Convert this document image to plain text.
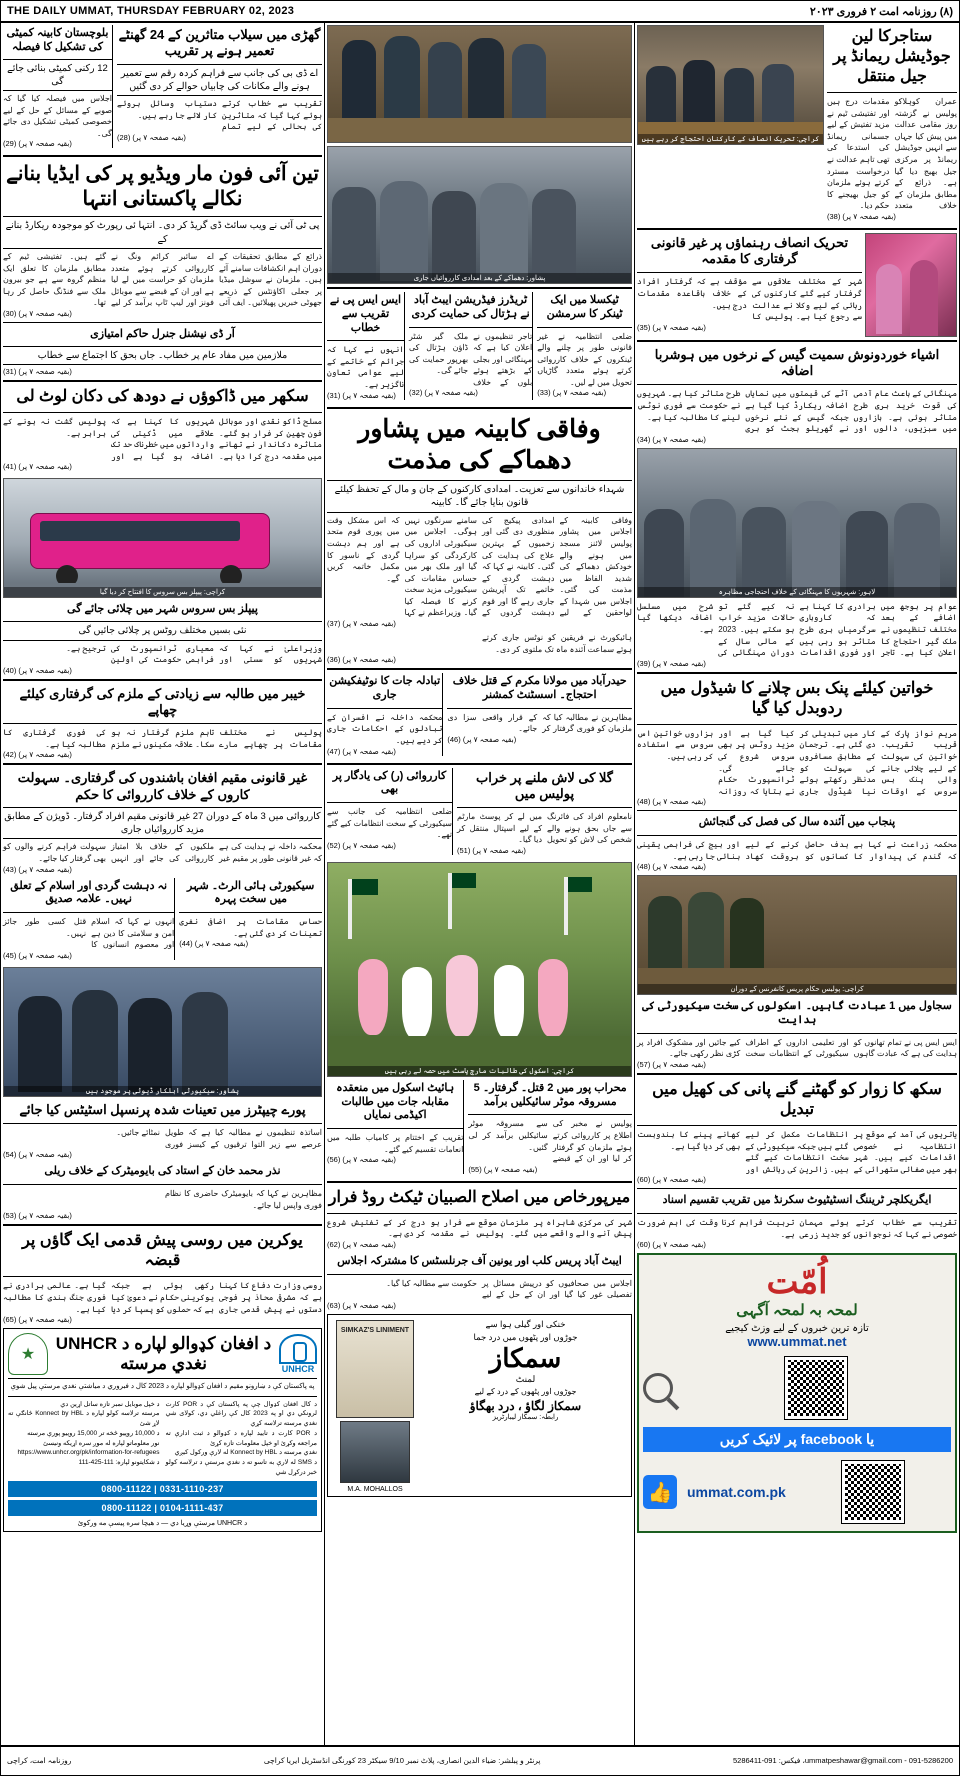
THE DAILY UMMAT, THURSDAY FEBRUARY 02, 2023	(۸) روزنامہ امت ۲ فروری ۲۰۲۳
ستاجرکا لین جوڈیشل ریمانڈ پر جیل منتقل
عمران کوہلاکو پولیس نے گزشتہ روز مقامی عدالت میں پیش کیا جہاں سے انہیں جوڈیشل ریمانڈ پر مرکزی جیل بھیج دیا گیا ہے۔ ذرائع کے مطابق ملزمان کے خلاف متعدد مقدمات درج ہیں اور تفتیشی ٹیم نے مزید تفتیش کے لیے جسمانی ریمانڈ کی استدعا کی تھی تاہم عدالت نے درخواست مسترد کرتے ہوئے ملزمان کو جیل بھیجنے کا حکم دیا۔
(بقیہ صفحہ ۷ پر) (38)
کراچی: تحریک انصاف کے کارکنان احتجاج کر رہے ہیں
تحریک انصاف رہنماؤں پر غیر قانونی گرفتاری کا مقدمہ
شہر کے مختلف علاقوں سے گرفتار کیے گئے کارکنوں کی رہائی کے لیے وکلا نے عدالت سے رجوع کیا ہے۔ پولیس کا مؤقف ہے کہ گرفتار افراد کے خلاف باقاعدہ مقدمات درج ہیں۔
(بقیہ صفحہ ۷ پر) (35)
اشیاء خوردونوش سمیت گیس کے نرخوں میں ہوشربا اضافہ
مہنگائی کے باعث عام آدمی کی قوت خرید بری طرح متاثر ہوئی ہے۔ بازاروں میں سبزیوں، دالوں اور آٹے کی قیمتوں میں نمایاں اضافہ ریکارڈ کیا گیا ہے جبکہ گیس کے نئے نرخوں نے گھریلو بجٹ کو بری طرح متاثر کیا ہے۔ شہریوں نے حکومت سے فوری نوٹس لینے کا مطالبہ کیا ہے۔
(بقیہ صفحہ ۷ پر) (34)
لاہور: شہریوں کا مہنگائی کے خلاف احتجاجی مظاہرہ
عوام پر بوجھ میں اضافے کے بعد مختلف تنظیموں نے ملک گیر احتجاج کا اعلان کیا ہے۔ تاجر برادری کا کہنا ہے کہ کاروباری سرگرمیاں بری طرح متاثر ہو رہی ہیں اور فوری اقدامات نہ کیے گئے تو حالات مزید خراب ہو سکتے ہیں۔ 2023 کے مالی سال کے دوران مہنگائی کی شرح میں مسلسل اضافہ دیکھا گیا ہے۔
(بقیہ صفحہ ۷ پر) (39)
خواتین کیلئے پنک بس چلانے کا شیڈول میں ردوبدل کیا گیا
مریم نواز پارک کے قریب تقریب۔ خواتین کی سہولت کے لیے چلائی جانے والی پنک بس سروس کے اوقات کار میں تبدیلی کر دی گئی ہے۔ ترجمان کے مطابق مسافروں کی سہولت کو مدنظر رکھتے ہوئے نیا شیڈول جاری کیا گیا ہے اور مزید روٹس پر بھی سروس شروع کی جائے گی۔ ٹرانسپورٹ حکام نے بتایا کہ روزانہ ہزاروں خواتین اس سروس سے استفادہ کر رہی ہیں۔
(بقیہ صفحہ ۷ پر) (48)
پنجاب میں آئندہ سال کی فصل کی گنجائش
محکمہ زراعت نے کہا ہے کہ گندم کی پیداوار کا ہدف حاصل کرنے کے لیے کسانوں کو بروقت کھاد اور بیج کی فراہمی یقینی بنائی جا رہی ہے۔
(بقیہ صفحہ ۷ پر) (48)
کراچی: پولیس حکام پریس کانفرنس کے دوران
سجاول میں 1 عبادت گاہیں۔ اسکولوں کی سخت سیکیورٹی کی ہدایت
ایس ایس پی نے تمام تھانوں کو ہدایت کی ہے کہ عبادت گاہوں اور تعلیمی اداروں کے اطراف سیکیورٹی کے انتظامات سخت کیے جائیں اور مشکوک افراد پر کڑی نظر رکھی جائے۔
(بقیہ صفحہ ۷ پر) (57)
سکھ کا زوار کو گھٹنے گنے پانی کی کھیل میں تبدیل
یاتریوں کی آمد کے موقع پر انتظامیہ نے خصوصی اقدامات کیے ہیں۔ شہر بھر میں صفائی ستھرائی کے انتظامات مکمل کر لیے گئے ہیں جبکہ سیکیورٹی کے سخت انتظامات کیے گئے ہیں۔ زائرین کی رہائش اور کھانے پینے کا بندوبست بھی کر دیا گیا ہے۔
(بقیہ صفحہ ۷ پر) (60)
ایگریکلچر ٹریننگ انسٹیٹیوٹ سکرنڈ میں تقریب تقسیم اسناد
تقریب سے خطاب کرتے ہوئے مہمان خصوصی نے کہا کہ نوجوانوں کو جدید زرعی تربیت فراہم کرنا وقت کی اہم ضرورت ہے۔
(بقیہ صفحہ ۷ پر) (60)
اُمّت
لمحہ بہ لمحہ آگہی
تازہ ترین خبروں کے لیے وزٹ کیجیے
www.ummat.net
یا facebook پر لائیک کریں
ummat.com.pk
👍
پشاور: دھماکے کے بعد امدادی کارروائیاں جاری
ٹیکسلا میں ایک ٹینکر کا سرمشن
ضلعی انتظامیہ نے غیر قانونی طور پر چلنے والے ٹینکروں کے خلاف کارروائی کرتے ہوئے متعدد گاڑیاں تحویل میں لے لیں۔
(بقیہ صفحہ ۷ پر) (33)
ٹریڈرز فیڈریشن ایبٹ آباد نے ہڑتال کی حمایت کردی
تاجر تنظیموں نے اعلان کیا ہے کہ مہنگائی اور بجلی کے بڑھتے ہوئے بلوں کے خلاف ملک گیر شٹر ڈاؤن ہڑتال کی بھرپور حمایت کی جائے گی۔
(بقیہ صفحہ ۷ پر) (32)
ایس ایس پی نے تقریب سے خطاب
انہوں نے کہا کہ جرائم کے خاتمے کے لیے عوامی تعاون ناگزیر ہے۔
(بقیہ صفحہ ۷ پر) (31)
وفاقی کابینہ میں پشاور دھماکے کی مذمت
شہداء خاندانوں سے تعزیت۔ امدادی کارکنوں کے جان و مال کے تحفظ کیلئے قانون بنایا جائے گا۔ کابینہ
وفاقی کابینہ کے اجلاس میں پشاور پولیس لائنز مسجد میں ہونے والے خودکش دھماکے کی شدید الفاظ میں مذمت کی گئی۔ اجلاس میں شہدا کے لواحقین کے لیے امدادی پیکیج کی منظوری دی گئی اور زخمیوں کے بہترین علاج کی ہدایت کی گئی۔ کابینہ نے کہا کہ دہشت گردی کے خاتمے تک آپریشن جاری رہے گا اور قوم دہشت گردوں کے سامنے سرنگوں نہیں ہوگی۔ اجلاس میں سیکیورٹی اداروں کی کارکردگی کو سراہا گیا اور ملک بھر میں حساس مقامات کی سیکیورٹی مزید سخت کرنے کا فیصلہ کیا گیا۔ وزیراعظم نے کہا کہ اس مشکل وقت میں پوری قوم متحد ہے اور ہم دہشت گردی کے ناسور کا مکمل خاتمہ کریں گے۔
(بقیہ صفحہ ۷ پر) (37)
ہائیکورٹ نے فریقین کو نوٹس جاری کرتے ہوئے سماعت آئندہ ماہ تک ملتوی کر دی۔
(بقیہ صفحہ ۷ پر) (36)
حیدرآباد میں مولانا مکرم کے قتل خلاف احتجاج۔ اسسٹنٹ کمشنر
مظاہرین نے مطالبہ کیا کہ ملزمان کو فوری گرفتار کر کے قرار واقعی سزا دی جائے۔
(بقیہ صفحہ ۷ پر) (46)
تبادلہ جات کا نوٹیفکیشن جاری
محکمہ داخلہ نے افسران کے تبادلوں کے احکامات جاری کر دیے ہیں۔
(بقیہ صفحہ ۷ پر) (47)
گلا کی لاش ملنے پر خراب پولیس میں
نامعلوم افراد کی فائرنگ سے جاں بحق ہونے والے شخص کی لاش کو تحویل میں لے کر پوسٹ مارٹم کے لیے اسپتال منتقل کر دیا گیا۔
(بقیہ صفحہ ۷ پر) (51)
کارروائی (ر) کی یادگار پر بھی
ضلعی انتظامیہ کی جانب سے سیکیورٹی کے سخت انتظامات کیے گئے تھے۔
(بقیہ صفحہ ۷ پر) (52)
کراچی: اسکول کی طالبات مارچ پاسٹ میں حصہ لے رہی ہیں
محراب پور میں 2 قتل۔ گرفتار۔ 5 مسروقہ موٹر سائیکلیں برآمد
پولیس نے مخبر کی اطلاع پر کارروائی کرتے ہوئے ملزمان کو گرفتار کر لیا اور ان کے قبضے سے مسروقہ موٹر سائیکلیں برآمد کر لی گئیں۔
(بقیہ صفحہ ۷ پر) (55)
ہائیٹ اسکول میں منعقدہ مقابلہ جات میں طالبات اکیڈمی نمایاں
تقریب کے اختتام پر کامیاب طلبہ میں انعامات تقسیم کیے گئے۔
(بقیہ صفحہ ۷ پر) (56)
میرپورخاص میں اصلاح الصبیان ٹیکٹ روڈ فرار
شہر کی مرکزی شاہراہ پر پیش آنے والے واقعے میں ملزمان موقع سے فرار ہو گئے۔ پولیس نے مقدمہ درج کر کے تفتیش شروع کر دی ہے۔
(بقیہ صفحہ ۷ پر) (62)
ایبٹ آباد پریس کلب اور یونین آف جرنلسٹس کا مشترکہ اجلاس
اجلاس میں صحافیوں کو درپیش مسائل پر تفصیلی غور کیا گیا اور ان کے حل کے لیے حکومت سے مطالبہ کیا گیا۔
(بقیہ صفحہ ۷ پر) (63)
خنکی اور گیلی ہوا سے
جوڑوں اور پٹھوں میں درد جما
سمکاز
لمنٹ
جوڑوں اور پٹھوں کے درد کے لیے
سمکاز لگاؤ ، درد بھگاؤ
رابطہ: سمکاز لیبارٹریز
SIMKAZ'S LINIMENT
M.A. MOHALLOS
گھڑی میں سیلاب متاثرین کے 24 گھنٹے تعمیر ہونے پر تقریب
اے ڈی بی کی جانب سے فراہم کردہ رقم سے تعمیر ہونے والے مکانات کی چابیاں حوالے کر دی گئیں
تقریب سے خطاب کرتے ہوئے کہا گیا کہ متاثرین کی بحالی کے لیے تمام دستیاب وسائل بروئے کار لائے جا رہے ہیں۔
(بقیہ صفحہ ۷ پر) (28)
بلوچستان کابینہ کمیٹی کی تشکیل کا فیصلہ
12 رکنی کمیٹی بنائی جائے گی
اجلاس میں فیصلہ کیا گیا کہ صوبے کے مسائل کے حل کے لیے خصوصی کمیٹی تشکیل دی جائے گی۔
(بقیہ صفحہ ۷ پر) (29)
تین آئی فون مار ویڈیو پر کی ایڈیا بنانے نکالے پاکستانی انتہا
پی ٹی آئی نے ویب سائٹ ڈی گریڈ کر دی۔ انتہا ئی رپورٹ کو موجودہ ریکارڈ بنانے کے
ذرائع کے مطابق تحقیقات کے دوران اہم انکشافات سامنے آئے ہیں۔ ملزمان نے سوشل میڈیا پر جعلی اکاؤنٹس کے ذریعے جھوٹی خبریں پھیلائیں۔ ایف آئی اے سائبر کرائم ونگ نے کارروائی کرتے ہوئے متعدد ملزمان کو حراست میں لے لیا ہے اور ان کے قبضے سے موبائل فونز اور لیپ ٹاپ برآمد کر لیے گئے ہیں۔ تفتیشی ٹیم کے مطابق ملزمان کا تعلق ایک منظم گروہ سے ہے جو بیرون ملک سے فنڈنگ حاصل کر رہا تھا۔
(بقیہ صفحہ ۷ پر) (30)
آر ڈی نیشنل جنرل حاکم امتیازی
ملازمین میں مفاد عام پر خطاب۔ جاں بحق کا اجتماع سے خطاب
(بقیہ صفحہ ۷ پر) (31)
سکھر میں ڈاکوؤں نے دودھ کی دکان لوٹ لی
مسلح ڈاکو نقدی اور موبائل فون چھین کر فرار ہو گئے۔ متاثرہ دکاندار نے تھانے میں مقدمہ درج کرا دیا ہے۔ شہریوں کا کہنا ہے کہ علاقے میں ڈکیتی کی وارداتوں میں خطرناک حد تک اضافہ ہو گیا ہے اور پولیس گشت نہ ہونے کے برابر ہے۔
(بقیہ صفحہ ۷ پر) (41)
کراچی: پیپلز بس سروس کا افتتاح کر دیا گیا
پیپلز بس سروس شہر میں چلائی جائے گی
نئی بسیں مختلف روٹس پر چلائی جائیں گی
وزیراعلیٰ نے کہا کہ شہریوں کو سستی اور معیاری ٹرانسپورٹ کی فراہمی حکومت کی اولین ترجیح ہے۔
(بقیہ صفحہ ۷ پر) (40)
خیبر میں طالبہ سے زیادتی کے ملزم کی گرفتاری کیلئے چھاپے
پولیس نے مختلف مقامات پر چھاپے مارے تاہم ملزم گرفتار نہ ہو سکا۔ علاقہ مکینوں نے ملزم کی فوری گرفتاری کا مطالبہ کیا ہے۔
(بقیہ صفحہ ۷ پر) (42)
غیر قانونی مقیم افغان باشندوں کی گرفتاری۔ سہولت کاروں کے خلاف کارروائی کا حکم
کارروائی میں 3 ماہ کے دوران 27 غیر قانونی مقیم افراد گرفتار۔ ڈویژن کے مطابق مزید کارروائیاں جاری
محکمہ داخلہ نے ہدایت کی ہے کہ غیر قانونی طور پر مقیم غیر ملکیوں کے خلاف بلا امتیاز کارروائی کی جائے اور انہیں سہولت فراہم کرنے والوں کو بھی گرفتار کیا جائے۔
(بقیہ صفحہ ۷ پر) (43)
سیکیورٹی ہائی الرٹ۔ شہر میں سخت پہرہ
حساس مقامات پر اضافی نفری تعینات کر دی گئی ہے۔
(بقیہ صفحہ ۷ پر) (44)
نہ دہشت گردی اور اسلام کے تعلق نہیں۔ علامہ صدیق
انہوں نے کہا کہ اسلام امن و سلامتی کا دین ہے اور معصوم انسانوں کا قتل کسی طور جائز نہیں۔
(بقیہ صفحہ ۷ پر) (45)
پشاور: سیکیورٹی اہلکار ڈیوٹی پر موجود ہیں
پورے چیپٹرز میں تعینات شدہ پرنسپل اسٹیٹس کیا جائے
اساتذہ تنظیموں نے مطالبہ کیا ہے کہ طویل عرصے سے زیر التوا ترقیوں کے کیسز فوری نمٹائے جائیں۔
(بقیہ صفحہ ۷ پر) (54)
نذر محمد خان کے استاد کی بایومیٹرک کے خلاف ریلی
مظاہرین نے کہا کہ بایومیٹرک حاضری کا نظام فوری واپس لیا جائے۔
(بقیہ صفحہ ۷ پر) (53)
یوکرین میں روسی پیش قدمی ایک گاؤں پر قبضہ
روسی وزارت دفاع کا کہنا ہے کہ مشرقی محاذ پر فوجی دستوں نے پیش قدمی جاری رکھی ہوئی ہے جبکہ یوکرینی حکام نے دعویٰ کیا ہے کہ حملوں کو پسپا کر دیا گیا ہے۔ عالمی برادری نے فوری جنگ بندی کا مطالبہ کیا ہے۔
(بقیہ صفحہ ۷ پر) (65)
UNHCR
د افغان کډوالو لپاره د UNHCR نغدي مرسته
★
په پاکستان کې د ښارونو مقیم د افغان کډوالو لپاره د 2023 کال د فبروري د میاشتې نغدي مرستې پیل شوې
د کال افغان کډوال چې په پاکستان کې د POR کارت لرونکي دي او په 2023 کال کې راغلي دي، کولای شي نغدي مرسته ترلاسه کړي
د POR کارت د تایید لپاره د کډوالو د ثبت ادارې ته مراجعه وکړئ او خپل معلومات تازه کړئ
نغدي مرسته د Konnect by HBL له لارې ورکول کیږي
د SMS له لارې به تاسو ته د نغدي مرستې د ترلاسه کولو خبر درکړل شي
د خپل موبایل نمبر تازه ساتل اړین دي
مرسته ترلاسه کولو لپاره د Konnect by HBL څانګې ته لاړ شئ
د 10,000 روپیو څخه تر 15,000 روپیو پورې مرسته
نور معلوماتو لپاره له موږ سره اړیکه ونیسئ
https://www.unhcr.org/pk/information-for-refugees
د شکایتونو لپاره: 111-425-111
0331-1110-237 | 0800-11122
0104-1111-437 | 0800-11122
د UNHCR مرستې وړیا دي — د هیچا سره پیسې مه ورکوئ
ummatpeshawar@gmail.com - 091-5286200، فیکس: 091-5286411
پرنٹر و پبلشر: ضیاء الدین انصاری، پلاٹ نمبر 9/10 سیکٹر 23 کورنگی انڈسٹریل ایریا کراچی
روزنامہ امت، کراچی
